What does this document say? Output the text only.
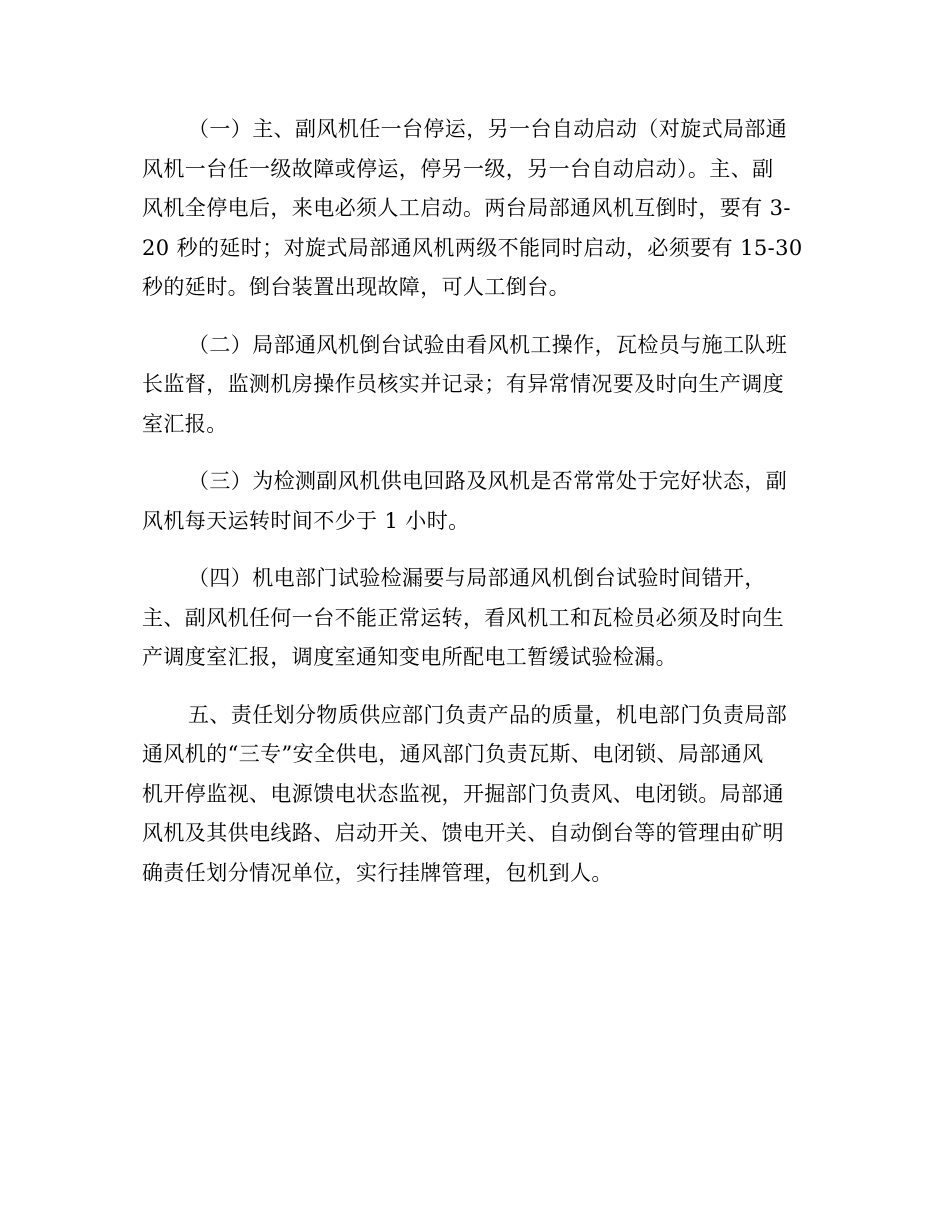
（一）主、副风机任一台停运，另一台自动启动（对旋式局部通
风机一台任一级故障或停运，停另一级，另一台自动启动）。主、副
风机全停电后，来电必须人工启动。两台局部通风机互倒时，要有 3-
20 秒的延时；对旋式局部通风机两级不能同时启动，必须要有 15-30
秒的延时。倒台装置出现故障，可人工倒台。
（二）局部通风机倒台试验由看风机工操作，瓦检员与施工队班
长监督，监测机房操作员核实并记录；有异常情况要及时向生产调度
室汇报。
（三）为检测副风机供电回路及风机是否常常处于完好状态，副
风机每天运转时间不少于 1 小时。
（四）机电部门试验检漏要与局部通风机倒台试验时间错开，
主、副风机任何一台不能正常运转，看风机工和瓦检员必须及时向生
产调度室汇报，调度室通知变电所配电工暂缓试验检漏。
五、责任划分物质供应部门负责产品的质量，机电部门负责局部
通风机的“三专”安全供电，通风部门负责瓦斯、电闭锁、局部通风
机开停监视、电源馈电状态监视，开掘部门负责风、电闭锁。局部通
风机及其供电线路、启动开关、馈电开关、自动倒台等的管理由矿明
确责任划分情况单位，实行挂牌管理，包机到人。
